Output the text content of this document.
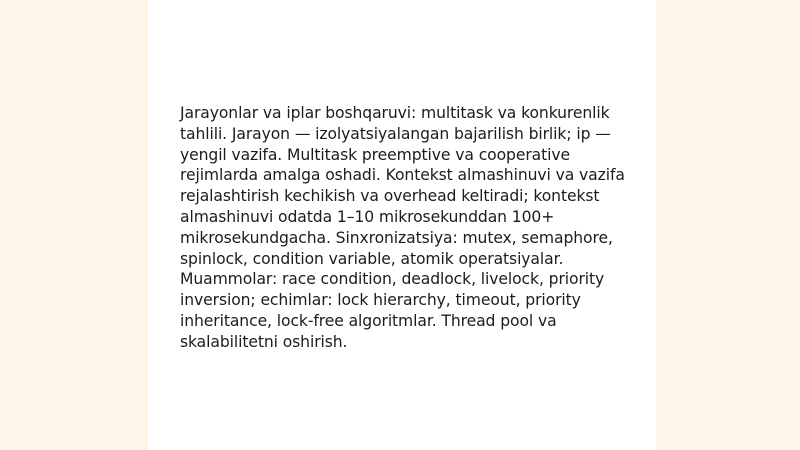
Jarayonlar va iplar boshqaruvi: multitask va konkurenlik tahlili. Jarayon — izolyatsiyalangan bajarilish birlik; ip — yengil vazifa. Multitask preemptive va cooperative rejimlarda amalga oshadi. Kontekst almashinuvi va vazifa rejalashtirish kechikish va overhead keltiradi; kontekst almashinuvi odatda 1–10 mikrosekunddan 100+ mikrosekundgacha. Sinxronizatsiya: mutex, semaphore, spinlock, condition variable, atomik operatsiyalar. Muammolar: race condition, deadlock, livelock, priority inversion; echimlar: lock hierarchy, timeout, priority inheritance, lock-free algoritmlar. Thread pool va skalabilitetni oshirish.
